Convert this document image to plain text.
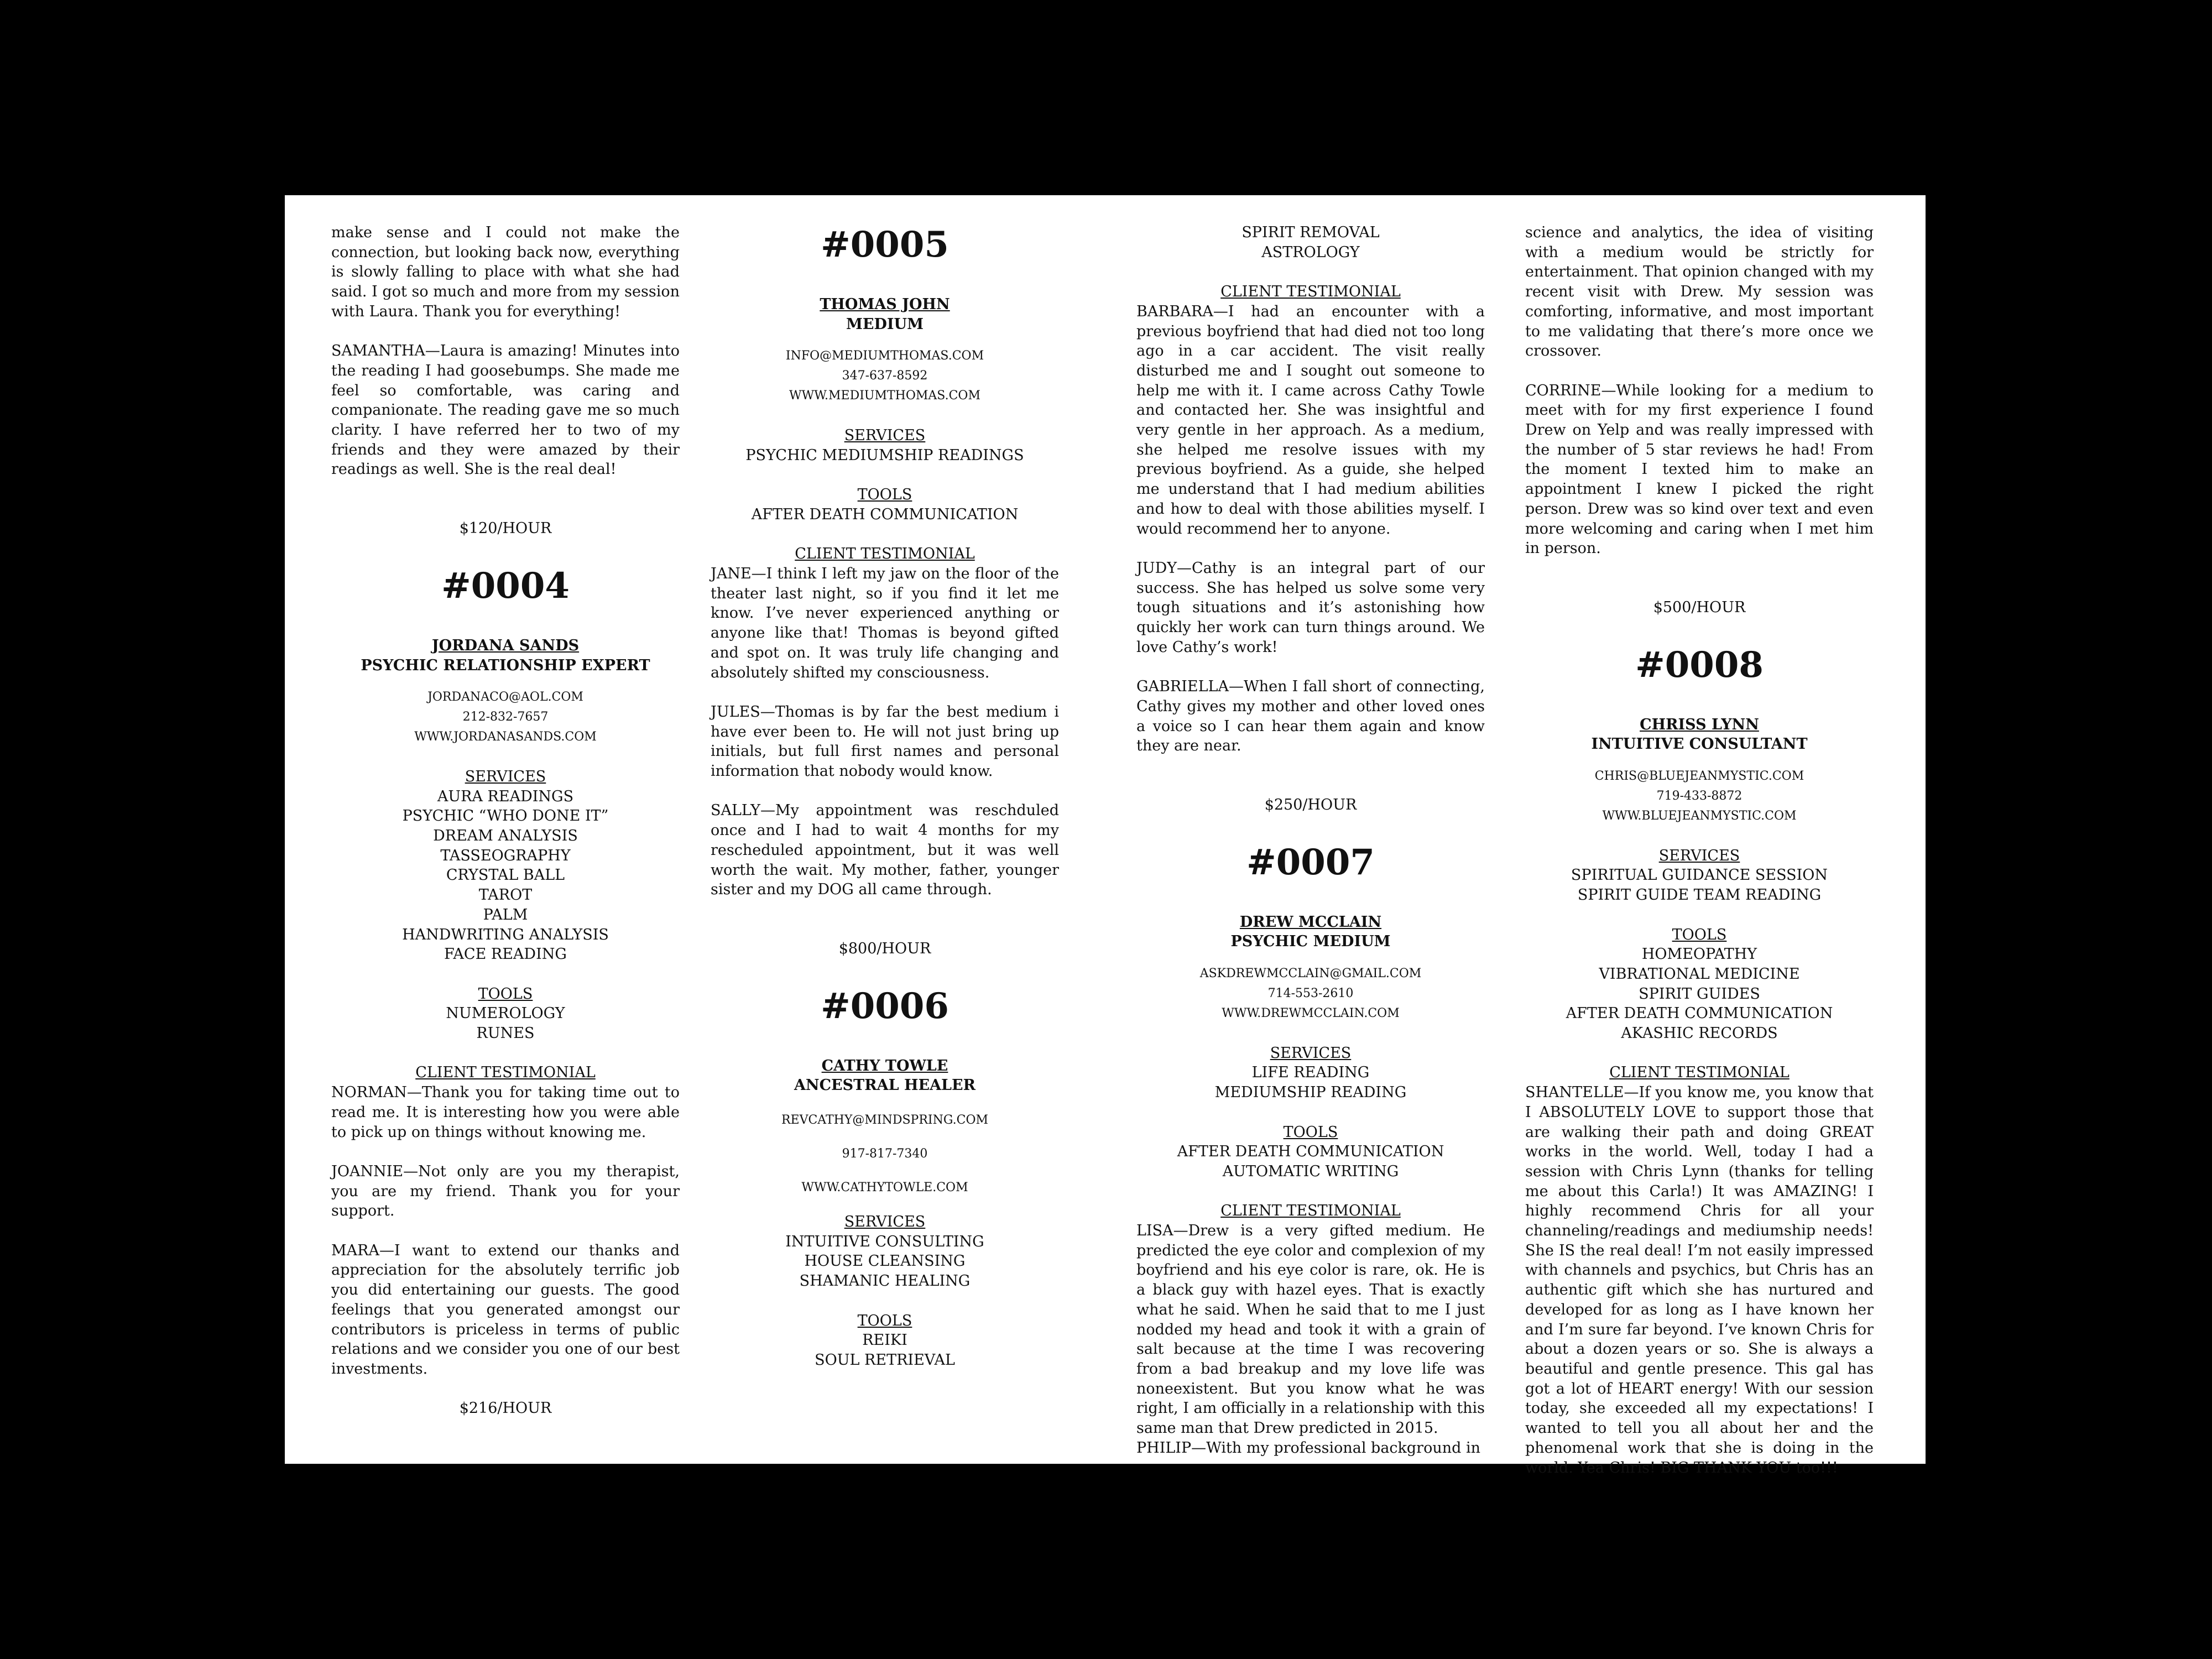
make sense and I could not make the connection, but looking back now, everything is slowly falling to place with what she had said. I got so much and more from my session with Laura. Thank you for everything!

SAMANTHA—Laura is amazing! Minutes into the reading I had goosebumps. She made me feel so comfortable, was caring and companionate. The reading gave me so much clarity. I have referred her to two of my friends and they were amazed by their readings as well. She is the real deal!

$120/HOUR
#0004
JORDANA SANDS
PSYCHIC RELATIONSHIP EXPERT
JORDANACO@AOL.COM
212-832-7657
WWW.JORDANASANDS.COM
SERVICES
AURA READINGS
PSYCHIC “WHO DONE IT”
DREAM ANALYSIS
TASSEOGRAPHY
CRYSTAL BALL
TAROT
PALM
HANDWRITING ANALYSIS
FACE READING
TOOLS
NUMEROLOGY
RUNES
CLIENT TESTIMONIAL

NORMAN—Thank you for taking time out to read me. It is interesting how you were able to pick up on things without knowing me.

JOANNIE—Not only are you my therapist, you are my friend. Thank you for your support.

MARA—I want to extend our thanks and appreciation for the absolutely terrific job you did entertaining our guests. The good feelings that you generated amongst our contributors is priceless in terms of public relations and we consider you one of our best investments.

$216/HOUR
#0005
THOMAS JOHN
MEDIUM
INFO@MEDIUMTHOMAS.COM
347-637-8592
WWW.MEDIUMTHOMAS.COM
SERVICES
PSYCHIC MEDIUMSHIP READINGS
TOOLS
AFTER DEATH COMMUNICATION
CLIENT TESTIMONIAL

JANE—I think I left my jaw on the floor of the theater last night, so if you find it let me know. I’ve never experienced anything or anyone like that! Thomas is beyond gifted and spot on. It was truly life changing and absolutely shifted my consciousness.

JULES—Thomas is by far the best medium i have ever been to. He will not just bring up initials, but full first names and personal information that nobody would know.

SALLY—My appointment was reschduled once and I had to wait 4 months for my rescheduled appointment, but it was well worth the wait. My mother, father, younger sister and my DOG all came through.

$800/HOUR
#0006
CATHY TOWLE
ANCESTRAL HEALER
REVCATHY@MINDSPRING.COM
917-817-7340
WWW.CATHYTOWLE.COM
SERVICES
INTUITIVE CONSULTING
HOUSE CLEANSING
SHAMANIC HEALING
TOOLS
REIKI
SOUL RETRIEVAL
SPIRIT REMOVAL
ASTROLOGY
CLIENT TESTIMONIAL

BARBARA—I had an encounter with a previous boyfriend that had died not too long ago in a car accident. The visit really disturbed me and I sought out someone to help me with it. I came across Cathy Towle and contacted her. She was insightful and very gentle in her approach. As a medium, she helped me resolve issues with my previous boyfriend. As a guide, she helped me understand that I had medium abilities and how to deal with those abilities myself. I would recommend her to anyone.

JUDY—Cathy is an integral part of our success. She has helped us solve some very tough situations and it’s astonishing how quickly her work can turn things around. We love Cathy’s work!

GABRIELLA—When I fall short of connecting, Cathy gives my mother and other loved ones a voice so I can hear them again and know they are near.

$250/HOUR
#0007
DREW MCCLAIN
PSYCHIC MEDIUM
ASKDREWMCCLAIN@GMAIL.COM
714-553-2610
WWW.DREWMCCLAIN.COM
SERVICES
LIFE READING
MEDIUMSHIP READING
TOOLS
AFTER DEATH COMMUNICATION
AUTOMATIC WRITING
CLIENT TESTIMONIAL

LISA—Drew is a very gifted medium. He predicted the eye color and complexion of my boyfriend and his eye color is rare, ok. He is a black guy with hazel eyes. That is exactly what he said. When he said that to me I just nodded my head and took it with a grain of salt because at the time I was recovering from a bad breakup and my love life was noneexistent. But you know what he was right, I am officially in a relationship with this same man that Drew predicted in 2015.

PHILIP—With my professional background in

science and analytics, the idea of visiting with a medium would be strictly for entertainment. That opinion changed with my recent visit with Drew. My session was comforting, informative, and most important to me validating that there’s more once we crossover.

CORRINE—While looking for a medium to meet with for my first experience I found Drew on Yelp and was really impressed with the number of 5 star reviews he had! From the moment I texted him to make an appointment I knew I picked the right person. Drew was so kind over text and even more welcoming and caring when I met him in person.

$500/HOUR
#0008
CHRISS LYNN
INTUITIVE CONSULTANT
CHRIS@BLUEJEANMYSTIC.COM
719-433-8872
WWW.BLUEJEANMYSTIC.COM
SERVICES
SPIRITUAL GUIDANCE SESSION
SPIRIT GUIDE TEAM READING
TOOLS
HOMEOPATHY
VIBRATIONAL MEDICINE
SPIRIT GUIDES
AFTER DEATH COMMUNICATION
AKASHIC RECORDS
CLIENT TESTIMONIAL

SHANTELLE—If you know me, you know that I ABSOLUTELY LOVE to support those that are walking their path and doing GREAT works in the world. Well, today I had a session with Chris Lynn (thanks for telling me about this Carla!) It was AMAZING! I highly recommend Chris for all your channeling/readings and mediumship needs! She IS the real deal! I’m not easily impressed with channels and psychics, but Chris has an authentic gift which she has nurtured and developed for as long as I have known her and I’m sure far beyond. I’ve known Chris for about a dozen years or so. She is always a beautiful and gentle presence. This gal has got a lot of HEART energy! With our session today, she exceeded all my expectations! I wanted to tell you all about her and the phenomenal work that she is doing in the world. Yea Chris! BIG THANK YOU too!!!
